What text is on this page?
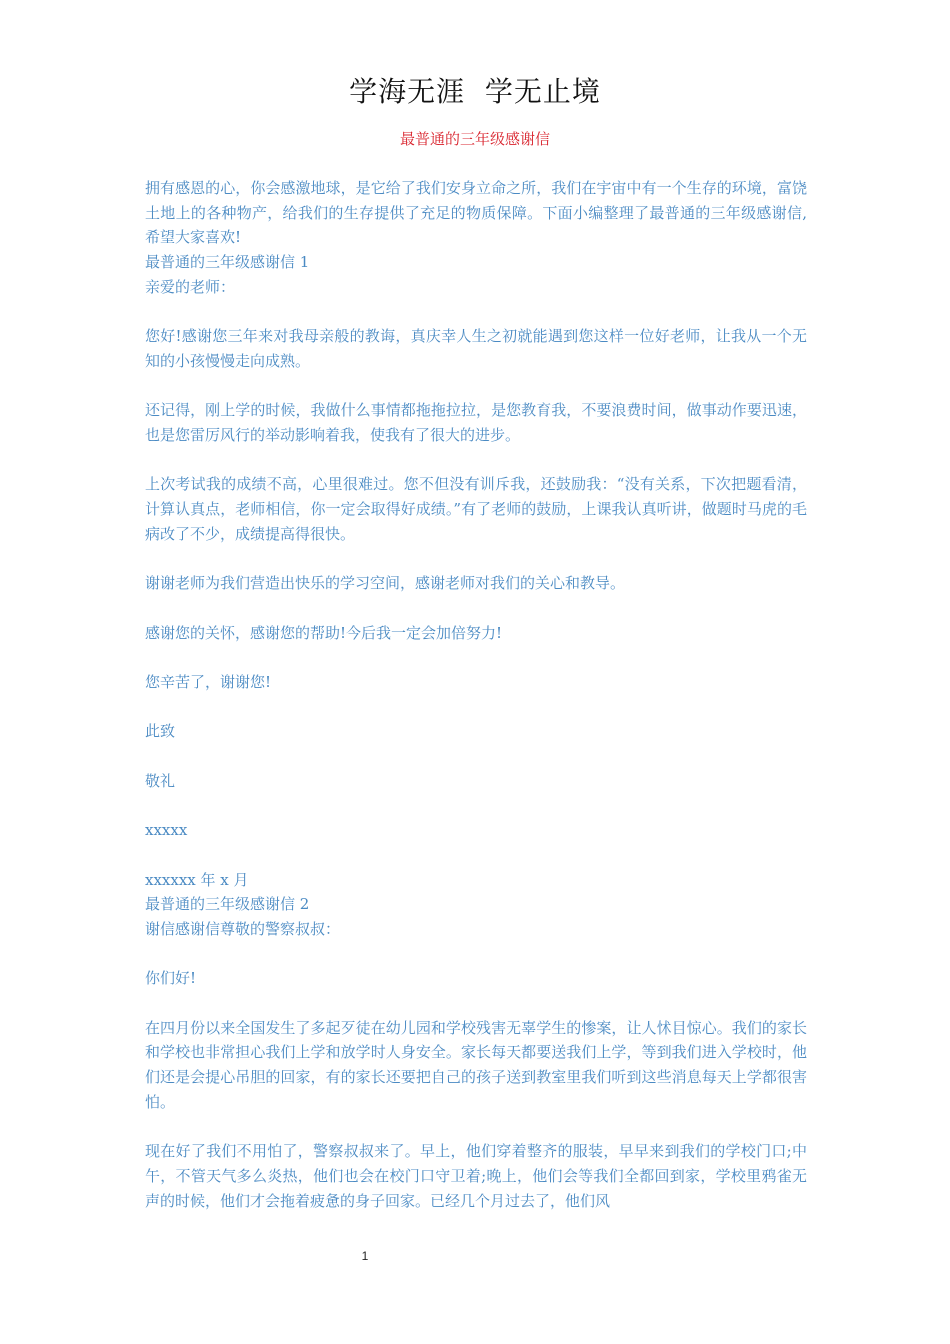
学海无涯  学无止境
最普通的三年级感谢信

拥有感恩的心，你会感激地球，是它给了我们安身立命之所，我们在宇宙中有一个生存的环境，富饶土地上的各种物产，给我们的生存提供了充足的物质保障。下面小编整理了最普通的三年级感谢信,希望大家喜欢!

最普通的三年级感谢信 1

亲爱的老师：

您好!感谢您三年来对我母亲般的教诲，真庆幸人生之初就能遇到您这样一位好老师，让我从一个无知的小孩慢慢走向成熟。

还记得，刚上学的时候，我做什么事情都拖拖拉拉，是您教育我，不要浪费时间，做事动作要迅速，也是您雷厉风行的举动影响着我，使我有了很大的进步。

上次考试我的成绩不高，心里很难过。您不但没有训斥我，还鼓励我：“没有关系，下次把题看清，计算认真点，老师相信，你一定会取得好成绩。”有了老师的鼓励，上课我认真听讲，做题时马虎的毛病改了不少，成绩提高得很快。

谢谢老师为我们营造出快乐的学习空间，感谢老师对我们的关心和教导。

感谢您的关怀，感谢您的帮助!今后我一定会加倍努力!

您辛苦了，谢谢您!

此致

敬礼

xxxxx

xxxxxx 年 x 月

最普通的三年级感谢信 2

谢信感谢信尊敬的警察叔叔：

你们好!

在四月份以来全国发生了多起歹徒在幼儿园和学校残害无辜学生的惨案，让人怵目惊心。我们的家长和学校也非常担心我们上学和放学时人身安全。家长每天都要送我们上学，等到我们进入学校时，他们还是会提心吊胆的回家，有的家长还要把自己的孩子送到教室里我们听到这些消息每天上学都很害怕。

现在好了我们不用怕了，警察叔叔来了。早上，他们穿着整齐的服装，早早来到我们的学校门口;中午，不管天气多么炎热，他们也会在校门口守卫着;晚上，他们会等我们全都回到家，学校里鸦雀无声的时候，他们才会拖着疲惫的身子回家。已经几个月过去了，他们风

1
